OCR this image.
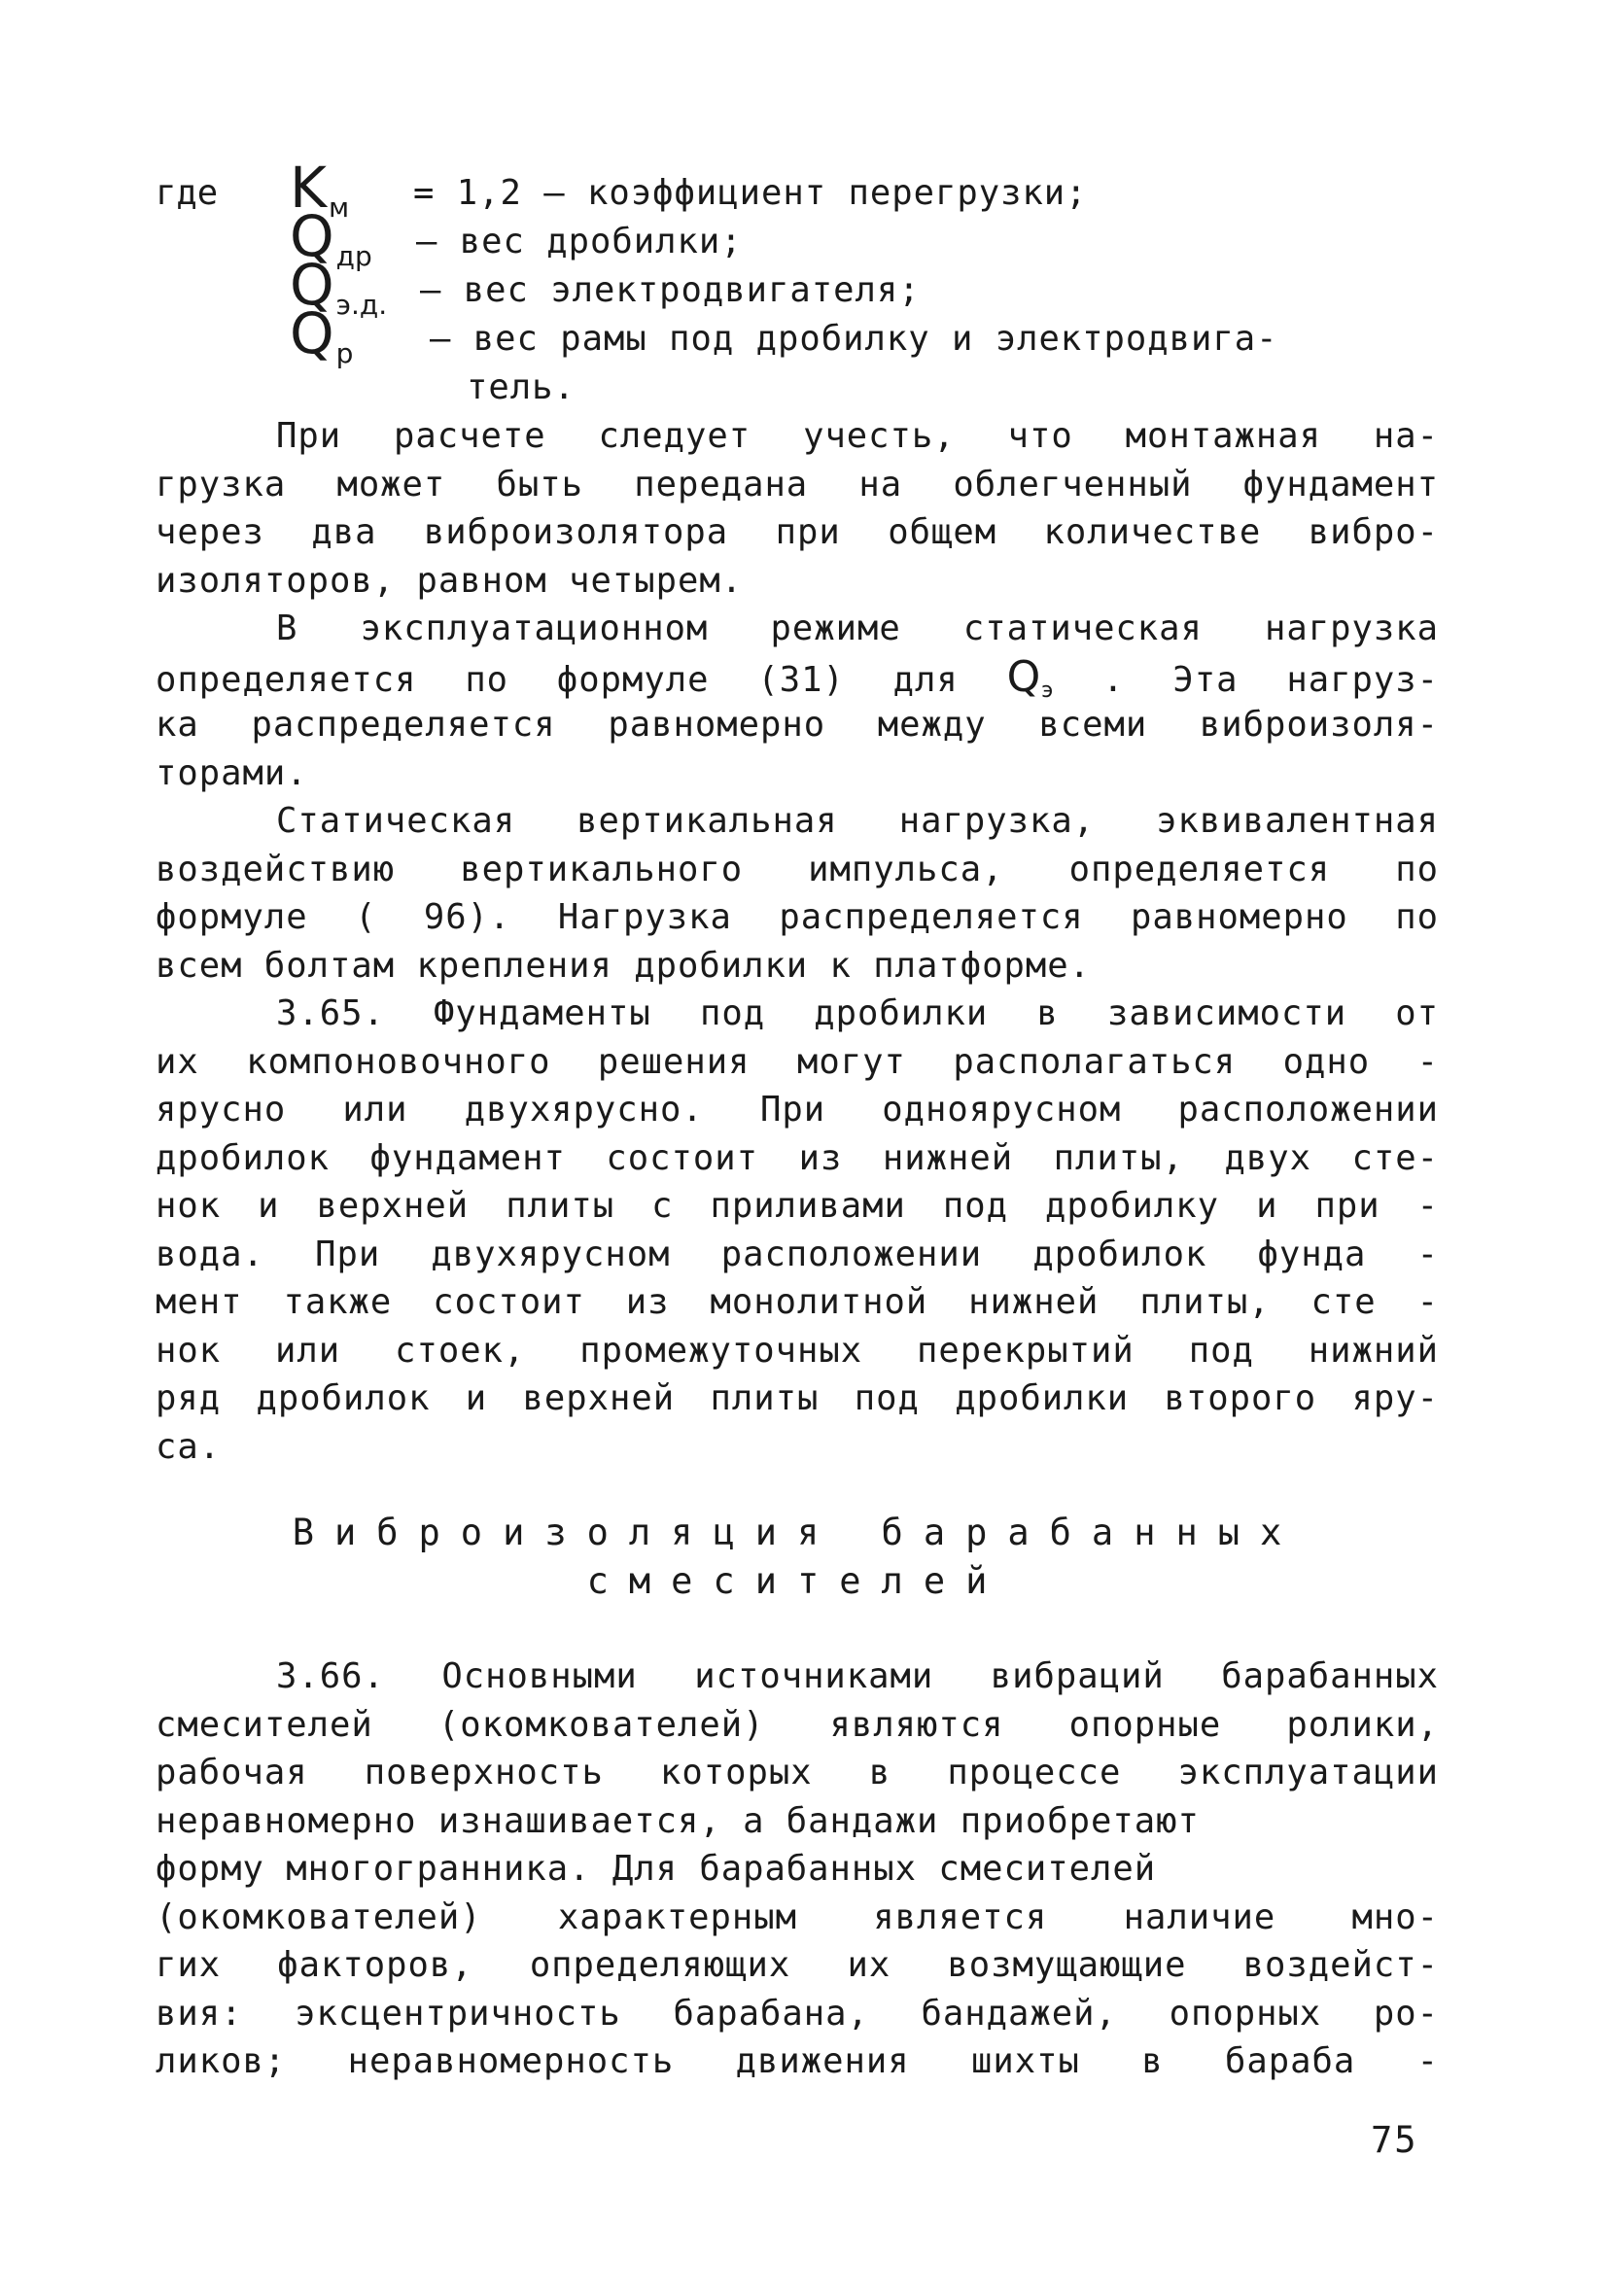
где $K_м = 1,2$ – коэффициент перегрузки;
$Q_{др}$ – вес дробилки;
$Q_{э.д.}$ – вес электродвигателя;
$Q_р$ – вес рамы под дробилку и электродвига-
тель.
При расчете следует учесть, что монтажная на-
грузка может быть передана на облегченный фундамент
через два виброизолятора при общем количестве вибро-
изоляторов, равном четырем.
В эксплуатационном режиме статическая нагрузка
определяется по формуле (31) для $Q_э$ . Эта нагруз-
ка распределяется равномерно между всеми виброизоля-
торами.
Статическая вертикальная нагрузка, эквивалентная
воздействию вертикального импульса, определяется по
формуле ( 96). Нагрузка распределяется равномерно по
всем болтам крепления дробилки к платформе.
3.65. Фундаменты под дробилки в зависимости от
их компоновочного решения могут располагаться одно -
ярусно или двухярусно. При одноярусном расположении
дробилок фундамент состоит из нижней плиты, двух сте-
нок и верхней плиты с приливами под дробилку и при -
вода. При двухярусном расположении дробилок фунда -
мент также состоит из монолитной нижней плиты, сте -
нок или стоек, промежуточных перекрытий под нижний
ряд дробилок и верхней плиты под дробилки второго яру-
са.
Виброизоляция барабанных
смесителей
3.66. Основными источниками вибраций барабанных
смесителей (окомкователей) являются опорные ролики,
рабочая поверхность которых в процессе эксплуатации
неравномерно изнашивается, а бандажи приобретают
форму многогранника. Для барабанных смесителей
(окомкователей) характерным является наличие мно-
гих факторов, определяющих их возмущающие воздейст-
вия: эксцентричность барабана, бандажей, опорных ро-
ликов; неравномерность движения шихты в бараба -
75
